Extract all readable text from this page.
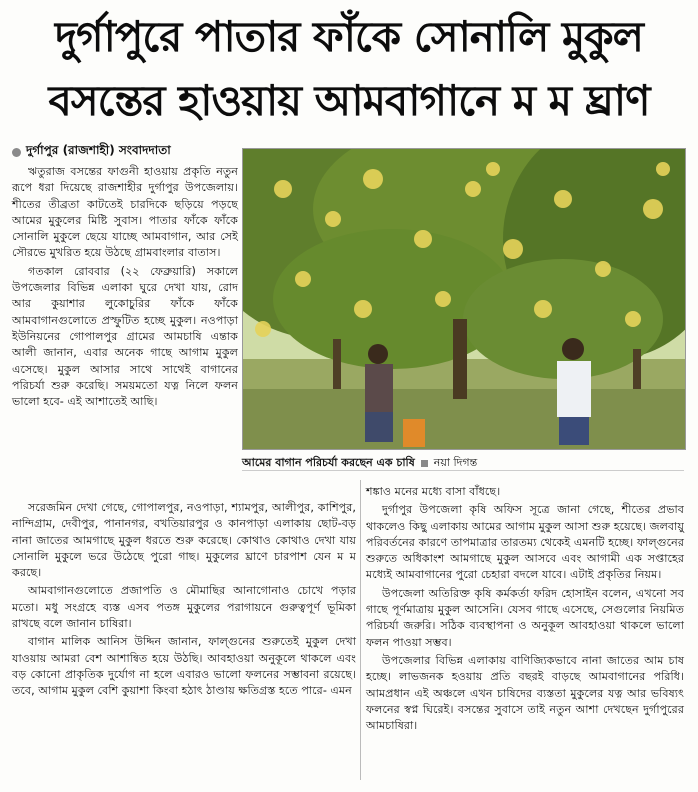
দুর্গাপুরে পাতার ফাঁকে সোনালি মুকুল
বসন্তের হাওয়ায় আমবাগানে ম ম ঘ্রাণ
দুর্গাপুর (রাজশাহী) সংবাদদাতা

ঋতুরাজ বসন্তের ফাগুনী হাওয়ায় প্রকৃতি নতুন রূপে ধরা দিয়েছে রাজশাহীর দুর্গাপুর উপজেলায়। শীতের তীব্রতা কাটতেই চারদিকে ছড়িয়ে পড়ছে আমের মুকুলের মিষ্টি সুবাস। পাতার ফাঁকে ফাঁকে সোনালি মুকুলে ছেয়ে যাচ্ছে আমবাগান, আর সেই সৌরভে মুখরিত হয়ে উঠছে গ্রামবাংলার বাতাস।

গতকাল রোববার (২২ ফেব্রুয়ারি) সকালে উপজেলার বিভিন্ন এলাকা ঘুরে দেখা যায়, রোদ আর কুয়াশার লুকোচুরির ফাঁকে ফাঁকে আমবাগানগুলোতে প্রস্ফুটিত হচ্ছে মুকুল। নওপাড়া ইউনিয়নের গোপালপুর গ্রামের আমচাষি এন্তাক আলী জানান, এবার অনেক গাছে আগাম মুকুল এসেছে। মুকুল আসার সাথে সাথেই বাগানের পরিচর্যা শুরু করেছি। সময়মতো যত্ন নিলে ফলন ভালো হবে- এই আশাতেই আছি।

আমের বাগান পরিচর্যা করছেন এক চাষি নয়া দিগন্ত

সরেজমিন দেখা গেছে, গোপালপুর, নওপাড়া, শ্যামপুর, আলীপুর, কাশিপুর, নান্দিগ্রাম, দেবীপুর, পানানগর, বখতিয়ারপুর ও কানপাড়া এলাকায় ছোট-বড় নানা জাতের আমগাছে মুকুল ধরতে শুরু করেছে। কোথাও কোথাও দেখা যায় সোনালি মুকুলে ভরে উঠেছে পুরো গাছ। মুকুলের ঘ্রাণে চারপাশ যেন ম ম করছে।

আমবাগানগুলোতে প্রজাপতি ও মৌমাছির আনাগোনাও চোখে পড়ার মতো। মধু সংগ্রহে ব্যস্ত এসব পতঙ্গ মুকুলের পরাগায়নে গুরুত্বপূর্ণ ভূমিকা রাখছে বলে জানান চাষিরা।

বাগান মালিক আনিস উদ্দিন জানান, ফাল্গুনের শুরুতেই মুকুল দেখা যাওয়ায় আমরা বেশ আশান্বিত হয়ে উঠছি। আবহাওয়া অনুকূলে থাকলে এবং বড় কোনো প্রাকৃতিক দুর্যোগ না হলে এবারও ভালো ফলনের সম্ভাবনা রয়েছে। তবে, আগাম মুকুল বেশি কুয়াশা কিংবা হঠাৎ ঠাণ্ডায় ক্ষতিগ্রস্ত হতে পারে- এমন

শঙ্কাও মনের মধ্যে বাসা বাঁধছে।

দুর্গাপুর উপজেলা কৃষি অফিস সূত্রে জানা গেছে, শীতের প্রভাব থাকলেও কিছু এলাকায় আমের আগাম মুকুল আসা শুরু হয়েছে। জলবায়ু পরিবর্তনের কারণে তাপমাত্রার তারতম্য থেকেই এমনটি হচ্ছে। ফাল্গুনের শুরুতে অধিকাংশ আমগাছে মুকুল আসবে এবং আগামী এক সপ্তাহের মধ্যেই আমবাগানের পুরো চেহারা বদলে যাবে। এটাই প্রকৃতির নিয়ম।

উপজেলা অতিরিক্ত কৃষি কর্মকর্তা ফরিদ হোসাইন বলেন, এখনো সব গাছে পূর্ণমাত্রায় মুকুল আসেনি। যেসব গাছে এসেছে, সেগুলোর নিয়মিত পরিচর্যা জরুরি। সঠিক ব্যবস্থাপনা ও অনুকূল আবহাওয়া থাকলে ভালো ফলন পাওয়া সম্ভব।

উপজেলার বিভিন্ন এলাকায় বাণিজ্যিকভাবে নানা জাতের আম চাষ হচ্ছে। লাভজনক হওয়ায় প্রতি বছরই বাড়ছে আমবাগানের পরিধি। আমপ্রধান এই অঞ্চলে এখন চাষিদের ব্যস্ততা মুকুলের যত্ন আর ভবিষ্যৎ ফলনের স্বপ্ন ঘিরেই। বসন্তের সুবাসে তাই নতুন আশা দেখছেন দুর্গাপুরের আমচাষিরা।
